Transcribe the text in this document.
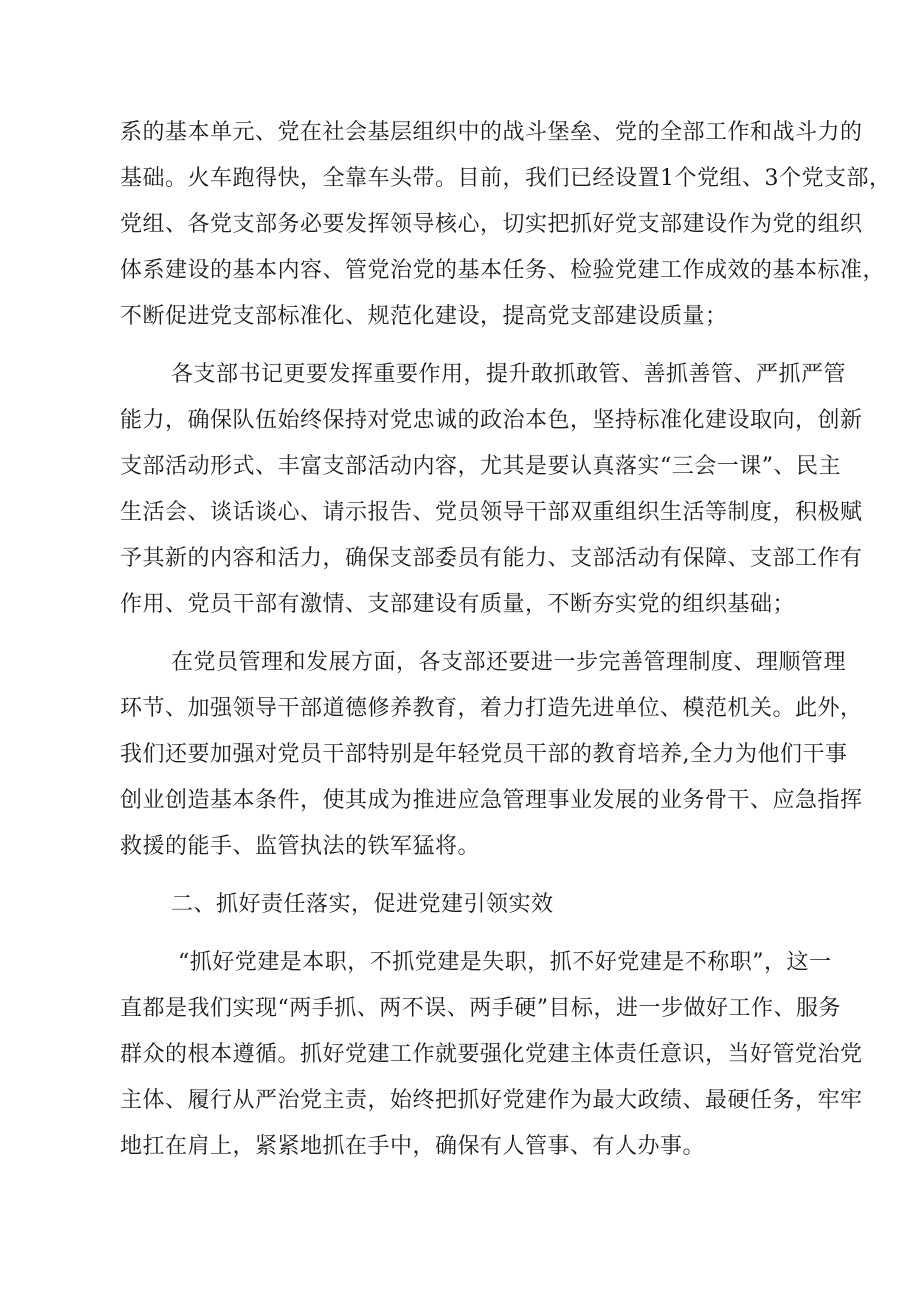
系的基本单元、党在社会基层组织中的战斗堡垒、党的全部工作和战斗力的
基础。火车跑得快，全靠车头带。目前，我们已经设置1个党组、3个党支部，
党组、各党支部务必要发挥领导核心，切实把抓好党支部建设作为党的组织
体系建设的基本内容、管党治党的基本任务、检验党建工作成效的基本标准，
不断促进党支部标准化、规范化建设，提高党支部建设质量；
各支部书记更要发挥重要作用，提升敢抓敢管、善抓善管、严抓严管
能力，确保队伍始终保持对党忠诚的政治本色，坚持标准化建设取向，创新
支部活动形式、丰富支部活动内容，尤其是要认真落实“三会一课”、民主
生活会、谈话谈心、请示报告、党员领导干部双重组织生活等制度，积极赋
予其新的内容和活力，确保支部委员有能力、支部活动有保障、支部工作有
作用、党员干部有激情、支部建设有质量，不断夯实党的组织基础；
在党员管理和发展方面，各支部还要进一步完善管理制度、理顺管理
环节、加强领导干部道德修养教育，着力打造先进单位、模范机关。此外，
我们还要加强对党员干部特别是年轻党员干部的教育培养,全力为他们干事
创业创造基本条件，使其成为推进应急管理事业发展的业务骨干、应急指挥
救援的能手、监管执法的铁军猛将。
二、抓好责任落实，促进党建引领实效
“抓好党建是本职，不抓党建是失职，抓不好党建是不称职”，这一
直都是我们实现“两手抓、两不误、两手硬”目标，进一步做好工作、服务
群众的根本遵循。抓好党建工作就要强化党建主体责任意识，当好管党治党
主体、履行从严治党主责，始终把抓好党建作为最大政绩、最硬任务，牢牢
地扛在肩上，紧紧地抓在手中，确保有人管事、有人办事。
